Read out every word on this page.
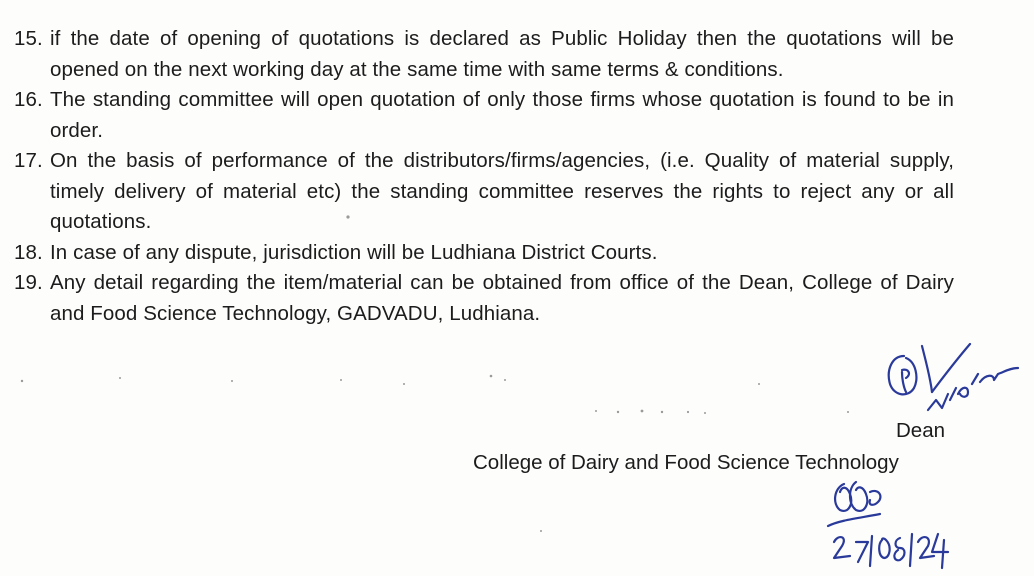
15. if the date of opening of quotations is declared as Public Holiday then the quotations will be opened on the next working day at the same time with same terms & conditions.
16. The standing committee will open quotation of only those firms whose quotation is found to be in order.
17. On the basis of performance of the distributors/firms/agencies, (i.e. Quality of material supply, timely delivery of material etc) the standing committee reserves the rights to reject any or all quotations.
18. In case of any dispute, jurisdiction will be Ludhiana District Courts.
19. Any detail regarding the item/material can be obtained from office of the Dean, College of Dairy and Food Science Technology, GADVADU, Ludhiana.
Dean
College of Dairy and Food Science Technology
